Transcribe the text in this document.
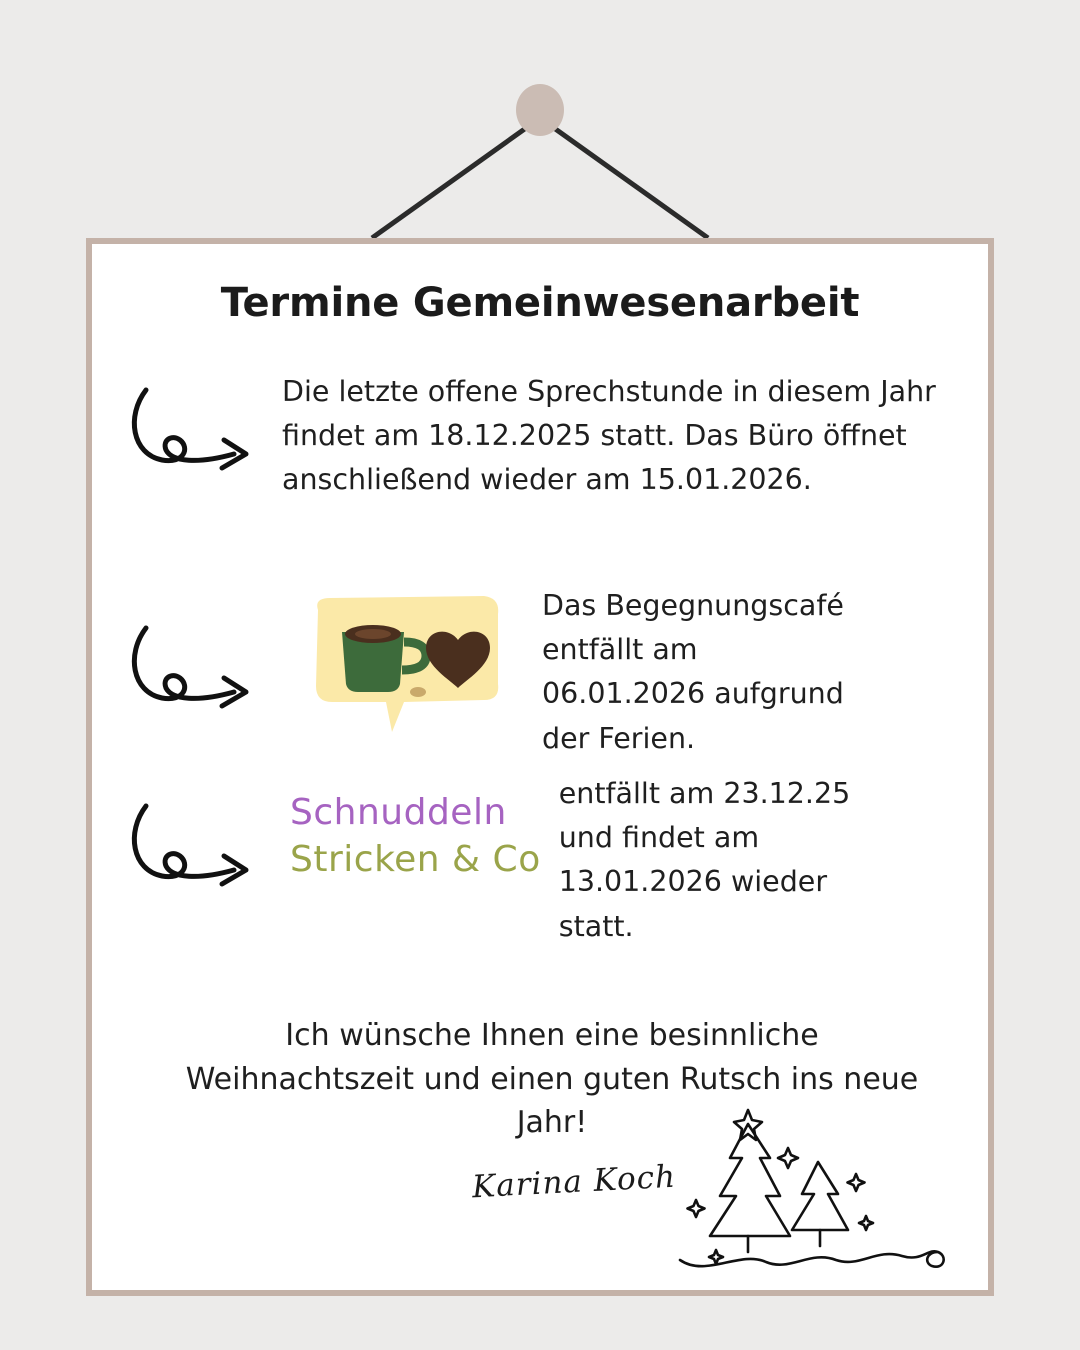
Termine Gemeinwesenarbeit
Die letzte offene Sprechstunde in diesem Jahr findet am 18.12.2025 statt. Das Büro öffnet anschließend wieder am 15.01.2026.
Das Begegnungscafé entfällt am 06.01.2026 aufgrund der Ferien.
Schnuddeln
Stricken & Co
entfällt am 23.12.25 und findet am 13.01.2026 wieder statt.
Ich wünsche Ihnen eine besinnliche Weihnachtszeit und einen guten Rutsch ins neue Jahr!
Karina Koch
